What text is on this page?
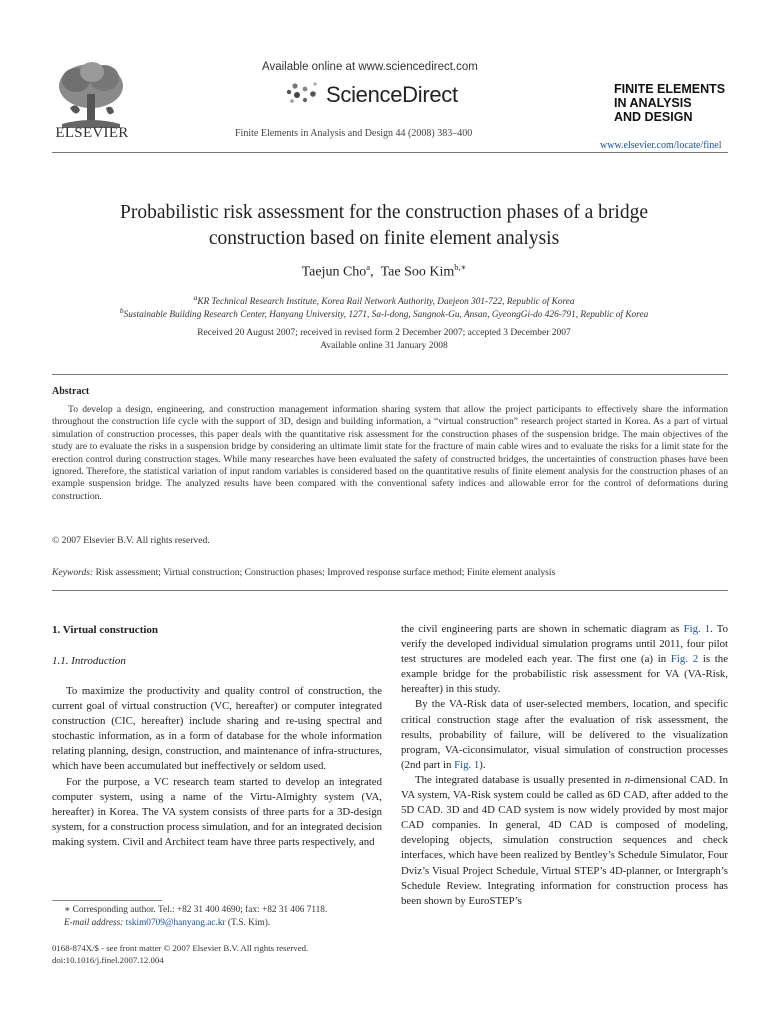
ELSEVIER
Available online at www.sciencedirect.com
ScienceDirect
Finite Elements in Analysis and Design 44 (2008) 383–400
FINITE ELEMENTS
IN ANALYSIS
AND DESIGN
www.elsevier.com/locate/finel
Probabilistic risk assessment for the construction phases of a bridge
construction based on finite element analysis
Taejun Cho$^a$,  Tae Soo Kim$^{b,∗}$
$^a$KR Technical Research Institute, Korea Rail Network Authority, Daejeon 301-722, Republic of Korea
$^b$Sustainable Building Research Center, Hanyang University, 1271, Sa-l-dong, Sangnok-Gu, Ansan, GyeongGi-do 426-791, Republic of Korea
Received 20 August 2007; received in revised form 2 December 2007; accepted 3 December 2007
Available online 31 January 2008
Abstract

To develop a design, engineering, and construction management information sharing system that allow the project participants to effectively share the information throughout the construction life cycle with the support of 3D, design and building information, a “virtual construction” research project started in Korea. As a part of virtual simulation of construction processes, this paper deals with the quantitative risk assessment for the construction phases of the suspension bridge. The main objectives of the study are to evaluate the risks in a suspension bridge by considering an ultimate limit state for the fracture of main cable wires and to evaluate the risks for a limit state for the erection control during construction stages. While many researches have been evaluated the safety of constructed bridges, the uncertainties of construction phases have been ignored. Therefore, the statistical variation of input random variables is considered based on the quantitative results of finite element analysis for the construction phases of an example suspension bridge. The analyzed results have been compared with the conventional safety indices and allowable error for the control of deformations during construction.

© 2007 Elsevier B.V. All rights reserved.
Keywords: Risk assessment; Virtual construction; Construction phases; Improved response surface method; Finite element analysis
1. Virtual construction
1.1. Introduction

To maximize the productivity and quality control of construction, the current goal of virtual construction (VC, hereafter) or computer integrated construction (CIC, hereafter) include sharing and re-using spectral and stochastic information, as in a form of database for the whole information relating planning, design, construction, and maintenance of infra-structures, which have been accumulated but ineffectively or seldom used.

For the purpose, a VC research team started to develop an integrated computer system, using a name of the Virtu-Almighty system (VA, hereafter) in Korea. The VA system consists of three parts for a 3D-design system, for a construction process simulation, and for an integrated decision making system. Civil and Architect team have three parts respectively, and

the civil engineering parts are shown in schematic diagram as Fig. 1. To verify the developed individual simulation programs until 2011, four pilot test structures are modeled each year. The first one (a) in Fig. 2 is the example bridge for the probabilistic risk assessment for VA (VA-Risk, hereafter) in this study.

By the VA-Risk data of user-selected members, location, and specific critical construction stage after the evaluation of risk assessment, the results, probability of failure, will be delivered to the visualization program, VA-ciconsimulator, visual simulation of construction processes (2nd part in Fig. 1).

The integrated database is usually presented in n-dimensional CAD. In VA system, VA-Risk system could be called as 6D CAD, after added to the 5D CAD. 3D and 4D CAD system is now widely provided by most major CAD companies. In general, 4D CAD is composed of modeling, developing objects, simulation construction sequences and check interfaces, which have been realized by Bentley’s Schedule Simulator, Four Dviz’s Visual Project Schedule, Virtual STEP’s 4D-planner, or Intergraph’s Schedule Review. Integrating information for construction process has been shown by EuroSTEP’s

∗ Corresponding author. Tel.: +82 31 400 4690; fax: +82 31 406 7118.
E-mail address: tskim0709@hanyang.ac.kr (T.S. Kim).
0168-874X/$ - see front matter © 2007 Elsevier B.V. All rights reserved.
doi:10.1016/j.finel.2007.12.004
